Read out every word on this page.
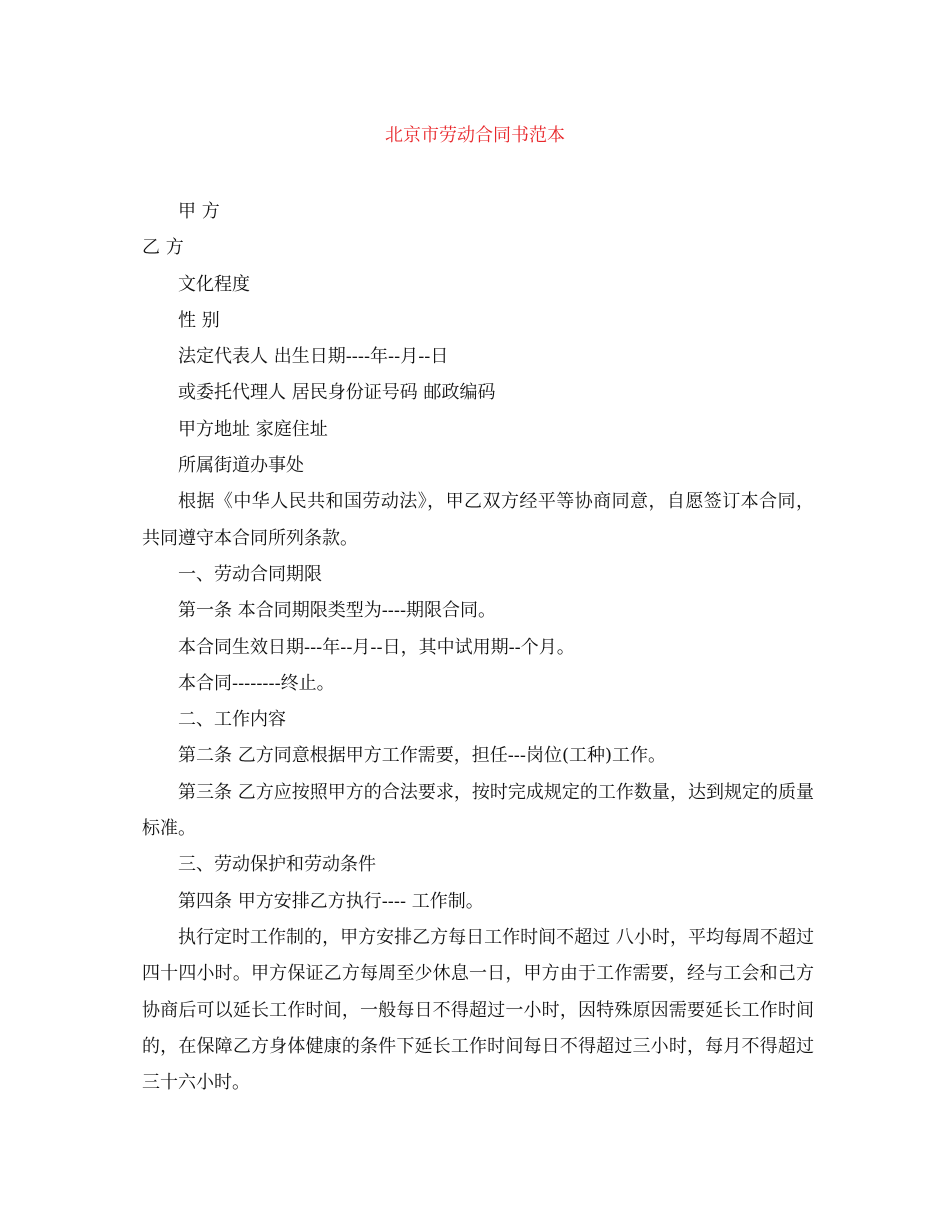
北京市劳动合同书范本

甲 方

乙 方

文化程度

性 别

法定代表人 出生日期----年--月--日

或委托代理人 居民身份证号码 邮政编码

甲方地址 家庭住址

所属街道办事处

根据《中华人民共和国劳动法》，甲乙双方经平等协商同意，自愿签订本合同，共同遵守本合同所列条款。

一、劳动合同期限

第一条 本合同期限类型为----期限合同。

本合同生效日期---年--月--日，其中试用期--个月。

本合同--------终止。

二、工作内容

第二条 乙方同意根据甲方工作需要，担任---岗位(工种)工作。

第三条 乙方应按照甲方的合法要求，按时完成规定的工作数量，达到规定的质量标准。

三、劳动保护和劳动条件

第四条 甲方安排乙方执行---- 工作制。

执行定时工作制的，甲方安排乙方每日工作时间不超过 八小时，平均每周不超过四十四小时。甲方保证乙方每周至少休息一日，甲方由于工作需要，经与工会和己方协商后可以延长工作时间，一般每日不得超过一小时，因特殊原因需要延长工作时间的，在保障乙方身体健康的条件下延长工作时间每日不得超过三小时，每月不得超过三十六小时。
